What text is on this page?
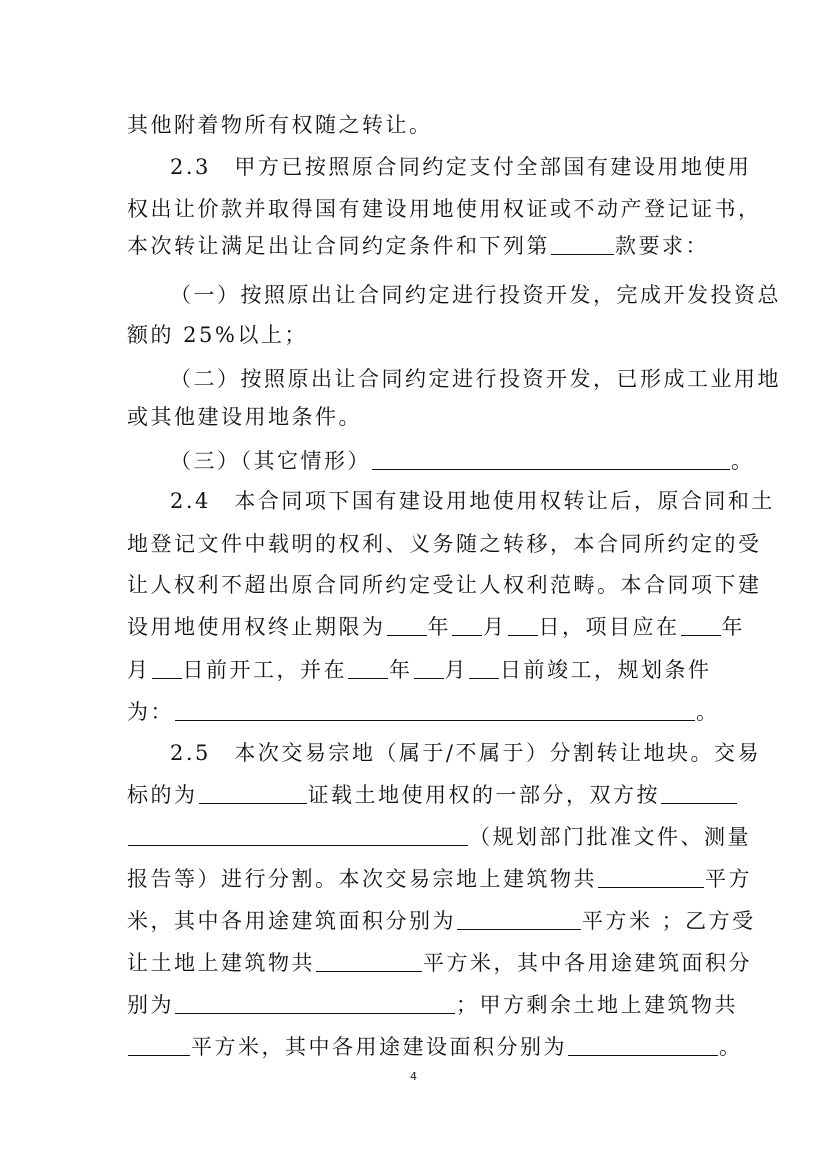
其他附着物所有权随之转让。
2.3　甲方已按照原合同约定支付全部国有建设用地使用
权出让价款并取得国有建设用地使用权证或不动产登记证书，
本次转让满足出让合同约定条件和下列第	款要求：
（一）按照原出让合同约定进行投资开发，完成开发投资总
额的 25%以上；
（二）按照原出让合同约定进行投资开发，已形成工业用地
或其他建设用地条件。
（三）（其它情形）	。
2.4　本合同项下国有建设用地使用权转让后，原合同和土
地登记文件中载明的权利、义务随之转移，本合同所约定的受
让人权利不超出原合同所约定受让人权利范畴。本合同项下建
设用地使用权终止期限为 年 月 日，项目应在 年
月 日前开工，并在 年 月 日前竣工，规划条件
为：	。
2.5　本次交易宗地（属于/不属于）分割转让地块。交易
标的为	证载土地使用权的一部分，双方按
（规划部门批准文件、测量
报告等）进行分割。本次交易宗地上建筑物共	平方
米，其中各用途建筑面积分别为	平方米 ；乙方受
让土地上建筑物共	平方米，其中各用途建筑面积分
别为	；甲方剩余土地上建筑物共
平方米，其中各用途建设面积分别为	。
4
